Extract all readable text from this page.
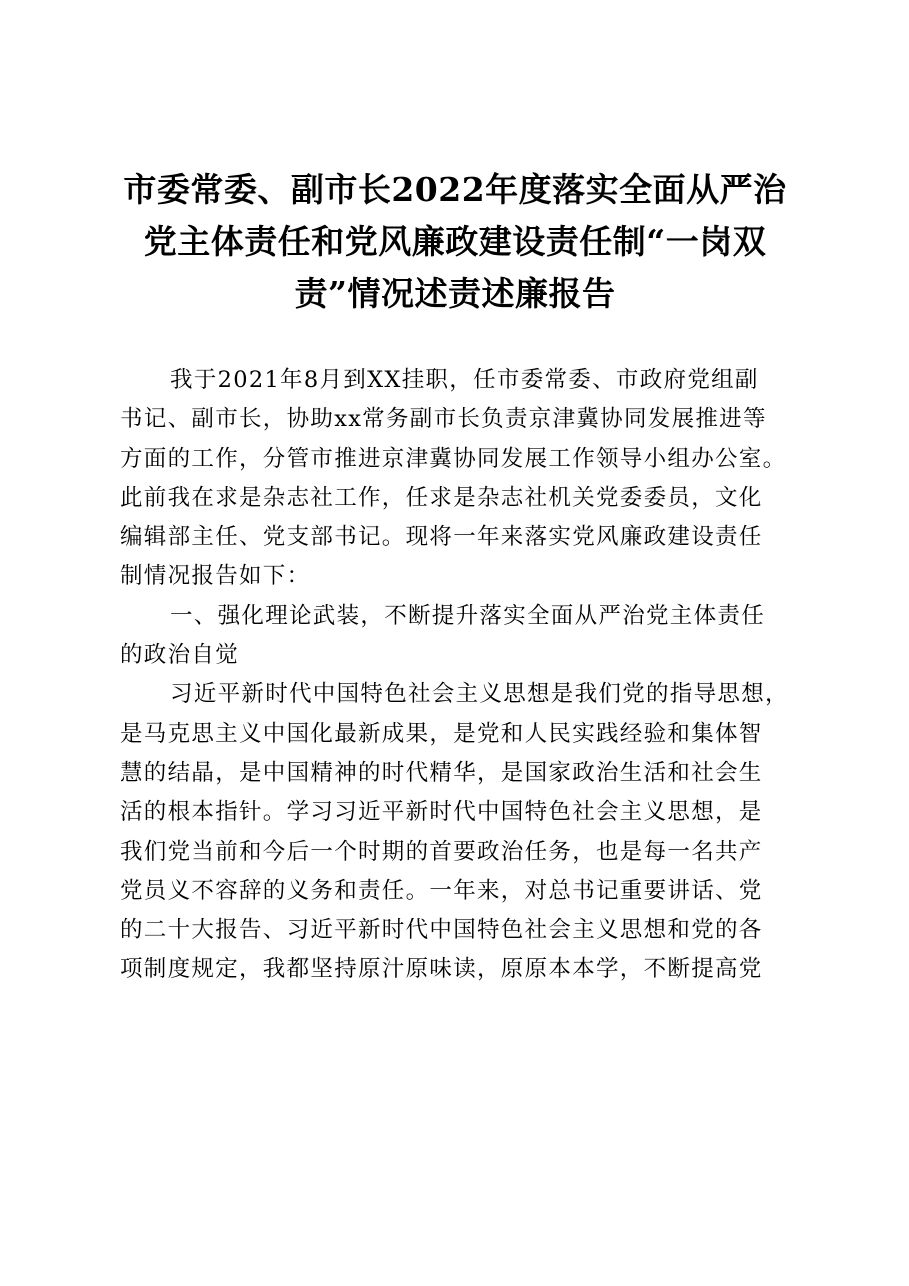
市委常委、副市长2022年度落实全面从严治
党主体责任和党风廉政建设责任制“一岗双
责”情况述责述廉报告
我于2021年8月到XX挂职，任市委常委、市政府党组副
书记、副市长，协助xx常务副市长负责京津冀协同发展推进等
方面的工作，分管市推进京津冀协同发展工作领导小组办公室。
此前我在求是杂志社工作，任求是杂志社机关党委委员，文化
编辑部主任、党支部书记。现将一年来落实党风廉政建设责任
制情况报告如下：
一、强化理论武装，不断提升落实全面从严治党主体责任
的政治自觉
习近平新时代中国特色社会主义思想是我们党的指导思想，
是马克思主义中国化最新成果，是党和人民实践经验和集体智
慧的结晶，是中国精神的时代精华，是国家政治生活和社会生
活的根本指针。学习习近平新时代中国特色社会主义思想，是
我们党当前和今后一个时期的首要政治任务，也是每一名共产
党员义不容辞的义务和责任。一年来，对总书记重要讲话、党
的二十大报告、习近平新时代中国特色社会主义思想和党的各
项制度规定，我都坚持原汁原味读，原原本本学，不断提高党
